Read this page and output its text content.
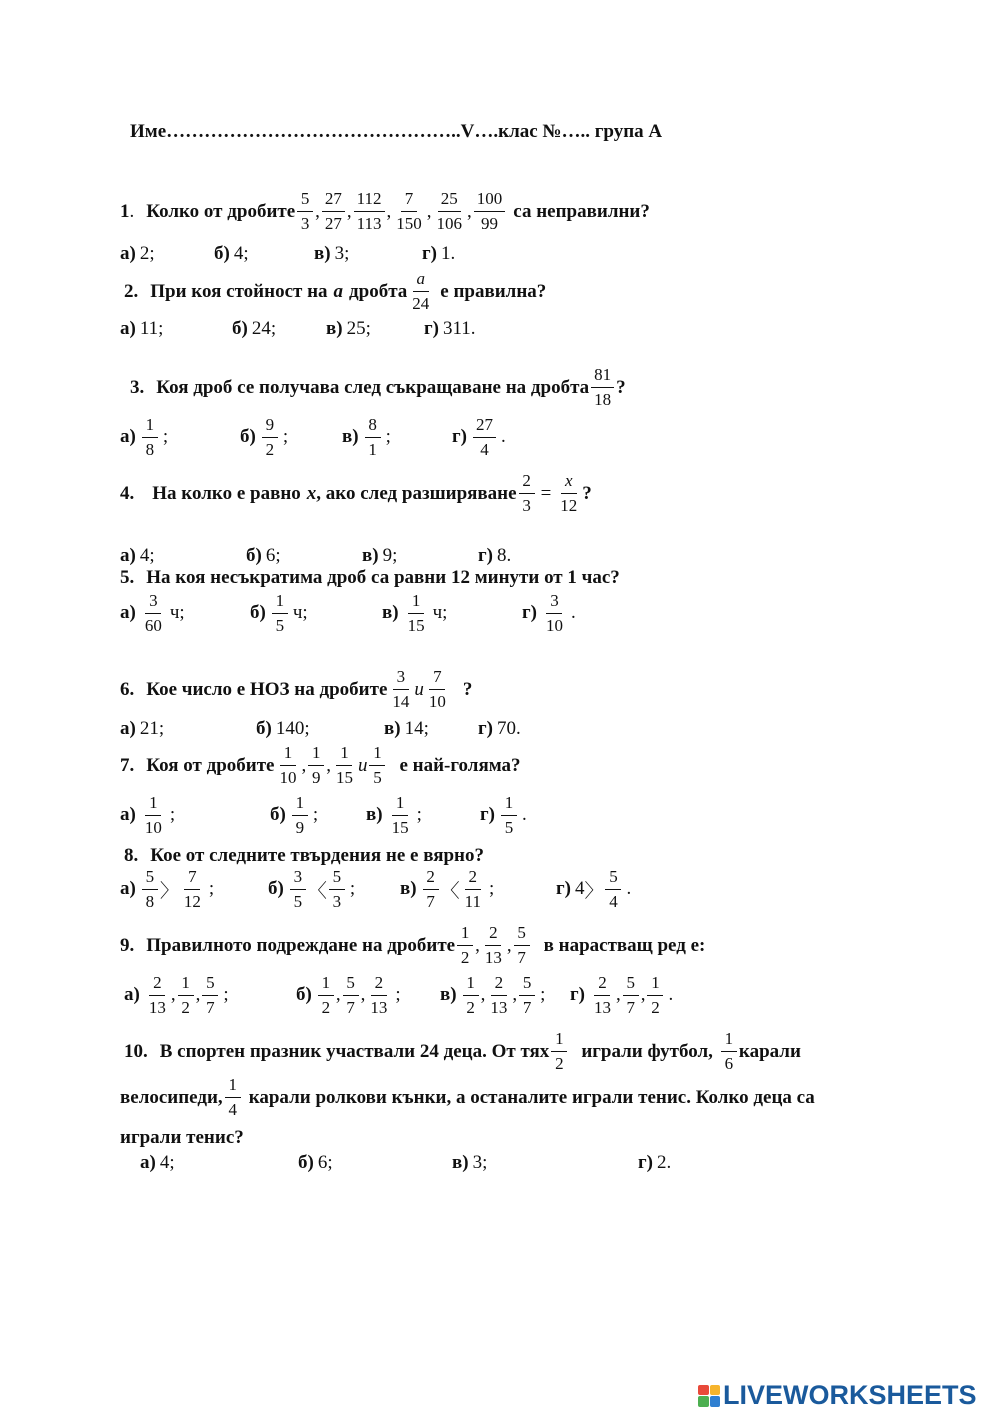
Име………………………………………..V….клас №….. група А
1 . Колко от дробите
5
3
,
27
27
,
112
113
,
7
150
,
25
106
,
100
99
са неправилни?
а) 2;	б) 4;	в) 3;	г) 1.
2. При коя стойност на a дробта
a
24
е правилна?
а) 11;	б) 24;	в) 25;	г) 311.
3. Коя дроб се получава след съкращаване на дробта
81
18
?
а)
1
8
;	б)
9
2
;	в)
8
1
;	г)
27
4
.
4. На колко е равно x , ако след разширяване $\frac{2}{3} = \frac{x}{12}$ ?
а) 4;	б) 6;	в) 9;	г) 8.
5. На коя несъкратима дроб са равни 12 минути от 1 час?
а)
3
60
ч;	б)
1
5
ч;	в)
1
15
ч;	г)
3
10
.
6. Кое число е НОЗ на дробите
3
14
и
7
10
?
а) 21;	б) 140;	в) 14;	г) 70.
7. Коя от дробите
1
10
,
1
9
,
1
15
и
1
5
е най-голяма?
а)
1
10
;	б)
1
9
;	в)
1
15
;	г)
1
5
.
8. Кое от следните твърдения не е вярно?
а)
5
8 〉
7
12
;	б)
3
5 〈
5
3
; в)
2
7 〈
2
11
;	г) 4 〉
5
4
.
9. Правилното подреждане на дробите
1
2
,
2
13
,
5
7
в нарастващ ред е:
а)
2
13
,
1
2
,
5
7
;	б)
1
2
,
5
7
,
2
13
; в)
1
2
,
2
13
,
5
7
; г)
2
13
,
5
7
,
1
2
.
10. В спортен празник участвали 24 деца. От тях
1
2
играли футбол,
1
6
карали
велосипеди,
1
4
карали ролкови кънки, а останалите играли тенис. Колко деца са
играли тенис?
а) 4;	б) 6;	в) 3;	г) 2.
LIVEWORKSHEETS
